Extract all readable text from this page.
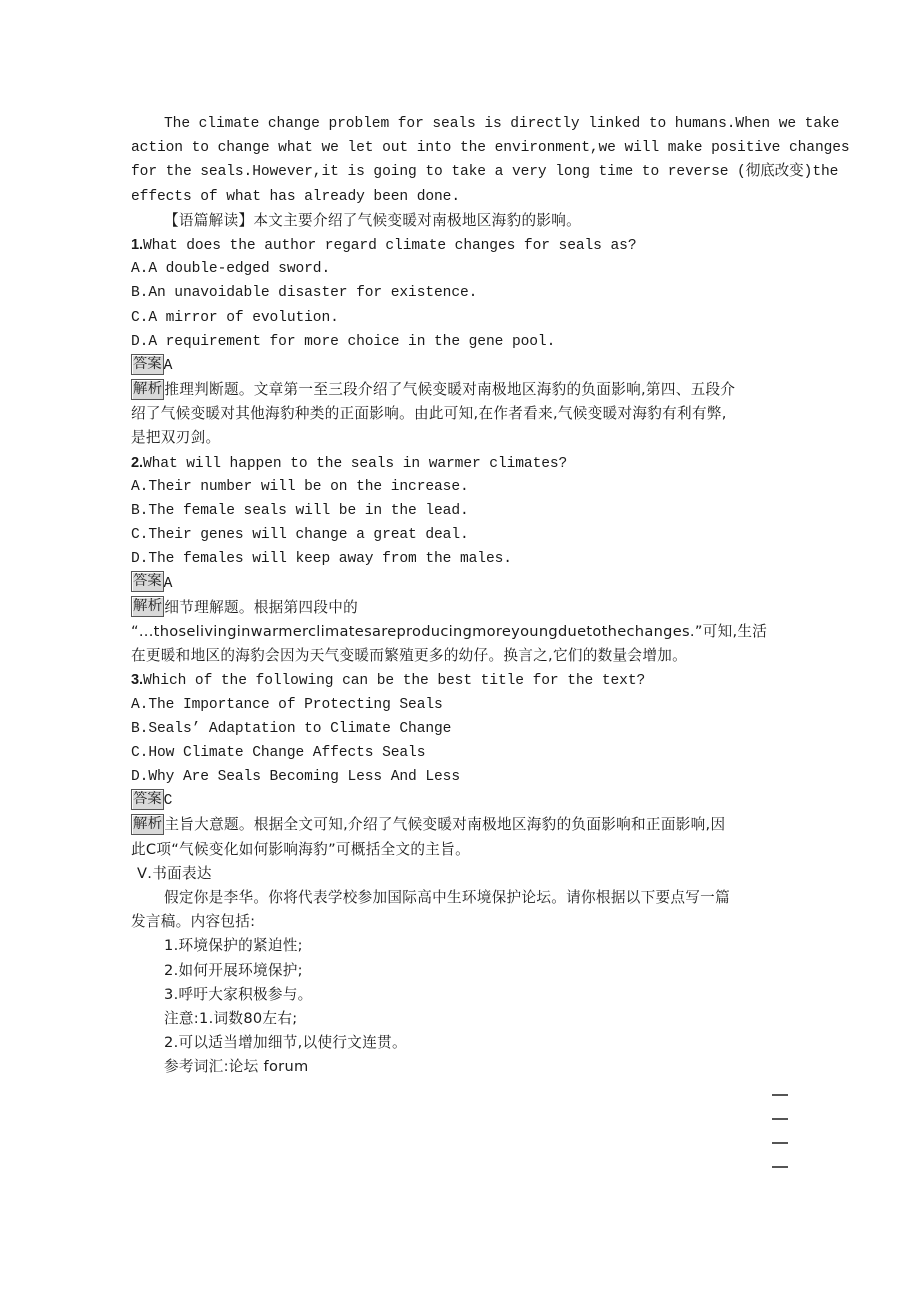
The climate change problem for seals is directly linked to humans.When we take
action to change what we let out into the environment,we will make positive changes
for the seals.However,it is going to take a very long time to reverse (彻底改变)the
effects of what has already been done.
【语篇解读】本文主要介绍了气候变暖对南极地区海豹的影响。
1.What does the author regard climate changes for seals as?
A.A double-edged sword.
B.An unavoidable disaster for existence.
C.A mirror of evolution.
D.A requirement for more choice in the gene pool.
答案 A
解析 推理判断题。文章第一至三段介绍了气候变暖对南极地区海豹的负面影响,第四、五段介
绍了气候变暖对其他海豹种类的正面影响。由此可知,在作者看来,气候变暖对海豹有利有弊,
是把双刃剑。
2.What will happen to the seals in warmer climates?
A.Their number will be on the increase.
B.The female seals will be in the lead.
C.Their genes will change a great deal.
D.The females will keep away from the males.
答案 A
解析 细节理解题。根据第四段中的
“...thoselivinginwarmerclimatesareproducingmoreyoungduetothechanges.”可知,生活
在更暖和地区的海豹会因为天气变暖而繁殖更多的幼仔。换言之,它们的数量会增加。
3.Which of the following can be the best title for the text?
A.The Importance of Protecting Seals
B.Seals’ Adaptation to Climate Change
C.How Climate Change Affects Seals
D.Why Are Seals Becoming Less And Less
答案 C
解析 主旨大意题。根据全文可知,介绍了气候变暖对南极地区海豹的负面影响和正面影响,因
此C项“气候变化如何影响海豹”可概括全文的主旨。
Ⅴ.书面表达
假定你是李华。你将代表学校参加国际高中生环境保护论坛。请你根据以下要点写一篇
发言稿。内容包括:
1.环境保护的紧迫性;
2.如何开展环境保护;
3.呼吁大家积极参与。
注意:1.词数80左右;
2.可以适当增加细节,以使行文连贯。
参考词汇:论坛 forum
